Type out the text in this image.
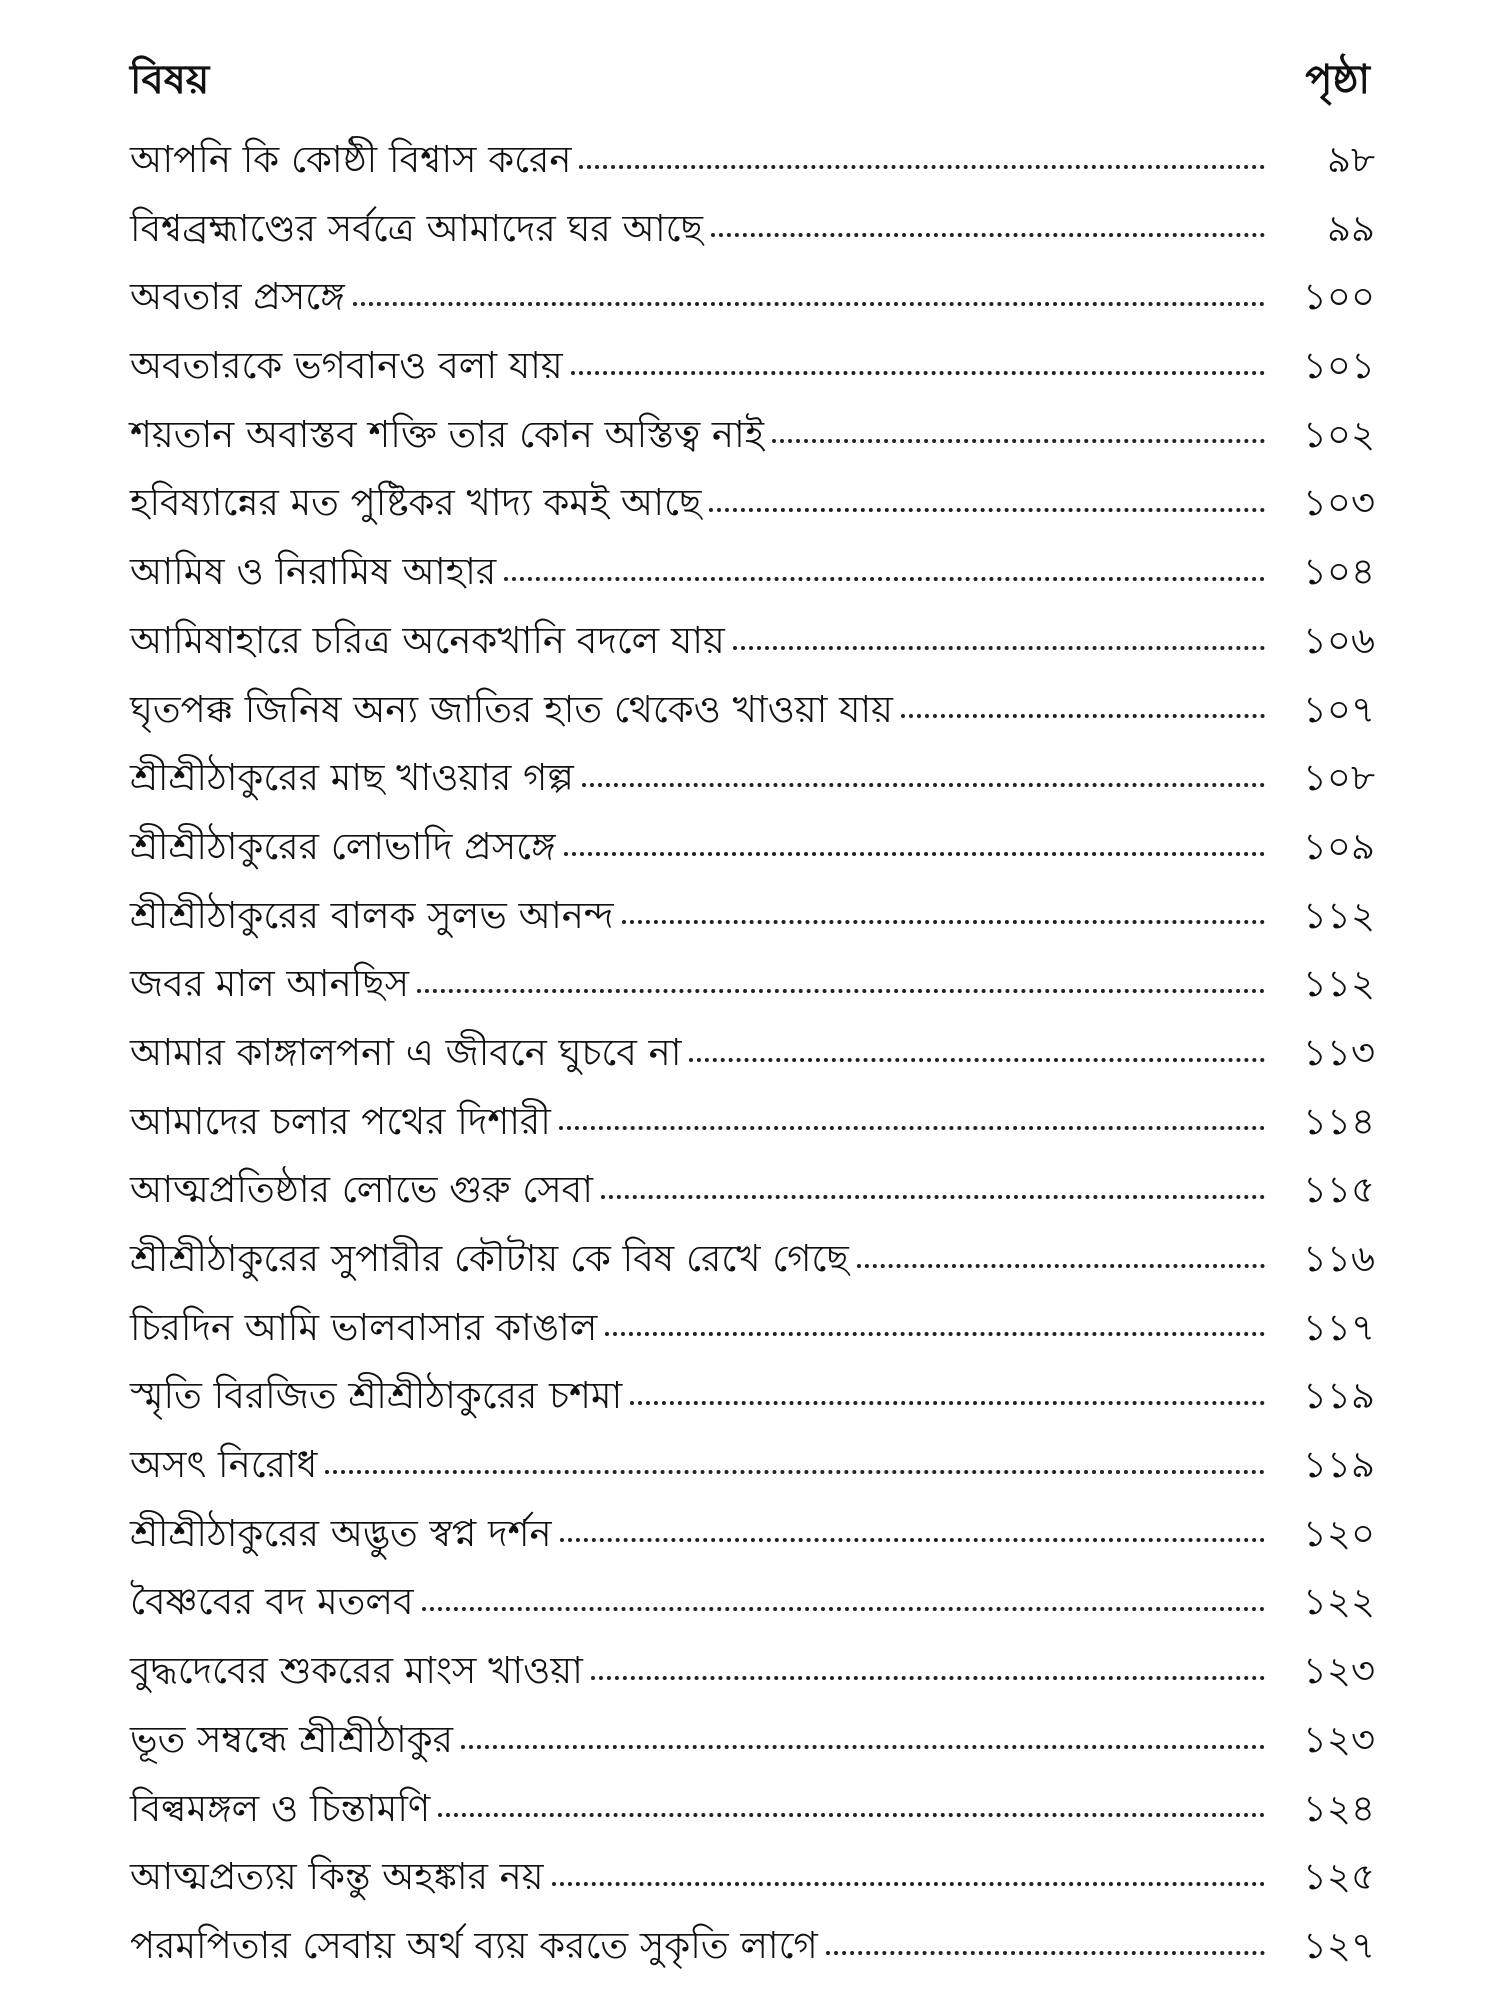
বিষয়	পৃষ্ঠা
আপনি কি কোষ্ঠী বিশ্বাস করেন	৯৮
বিশ্বব্রহ্মাণ্ডের সর্বত্রে আমাদের ঘর আছে	৯৯
অবতার প্রসঙ্গে	১০০
অবতারকে ভগবানও বলা যায়	১০১
শয়তান অবাস্তব শক্তি তার কোন অস্তিত্ব নাই	১০২
হবিষ্যান্নের মত পুষ্টিকর খাদ্য কমই আছে	১০৩
আমিষ ও নিরামিষ আহার	১০৪
আমিষাহারে চরিত্র অনেকখানি বদলে যায়	১০৬
ঘৃতপক্ক জিনিষ অন্য জাতির হাত থেকেও খাওয়া যায়	১০৭
শ্রীশ্রীঠাকুরের মাছ খাওয়ার গল্প	১০৮
শ্রীশ্রীঠাকুরের লোভাদি প্রসঙ্গে	১০৯
শ্রীশ্রীঠাকুরের বালক সুলভ আনন্দ	১১২
জবর মাল আনছিস	১১২
আমার কাঙ্গালপনা এ জীবনে ঘুচবে না	১১৩
আমাদের চলার পথের দিশারী	১১৪
আত্মপ্রতিষ্ঠার লোভে গুরু সেবা	১১৫
শ্রীশ্রীঠাকুরের সুপারীর কৌটায় কে বিষ রেখে গেছে	১১৬
চিরদিন আমি ভালবাসার কাঙাল	১১৭
স্মৃতি বিরজিত শ্রীশ্রীঠাকুরের চশমা	১১৯
অসৎ নিরোধ	১১৯
শ্রীশ্রীঠাকুরের অদ্ভুত স্বপ্ন দর্শন	১২০
বৈষ্ণবের বদ মতলব	১২২
বুদ্ধদেবের শুকরের মাংস খাওয়া	১২৩
ভূত সম্বন্ধে শ্রীশ্রীঠাকুর	১২৩
বিল্বমঙ্গল ও চিন্তামণি	১২৪
আত্মপ্রত্যয় কিন্তু অহঙ্কার নয়	১২৫
পরমপিতার সেবায় অর্থ ব্যয় করতে সুকৃতি লাগে	১২৭
